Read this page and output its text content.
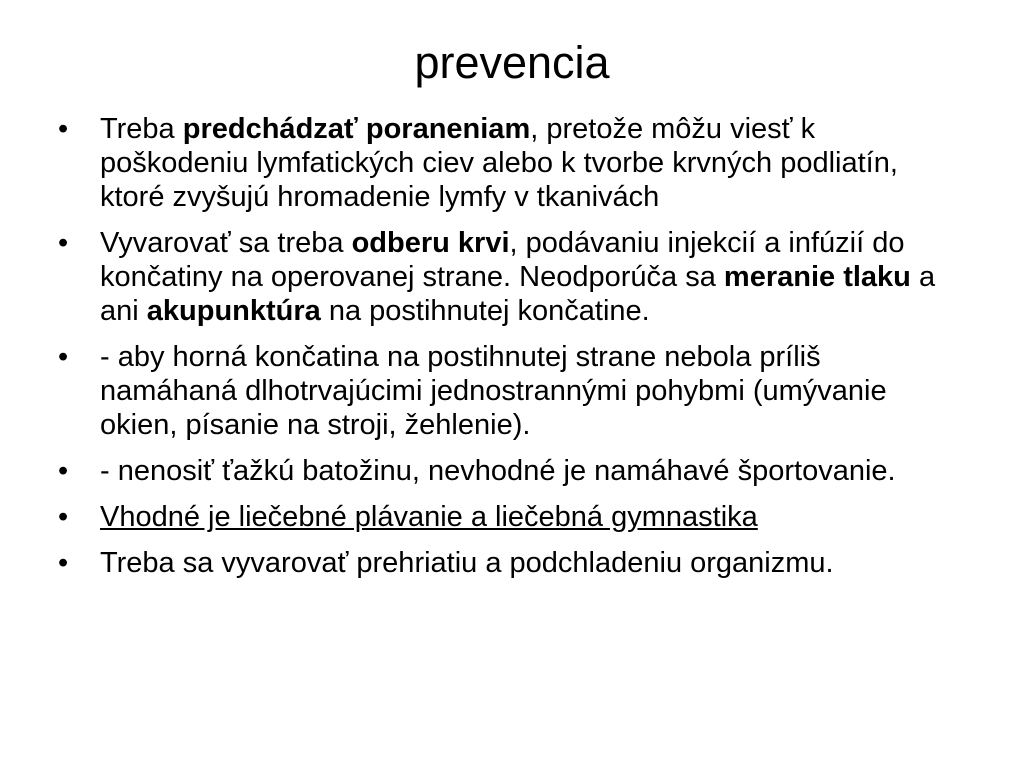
prevencia
•	Treba predchádzať poraneniam, pretože môžu viesť k poškodeniu lymfatických ciev alebo k tvorbe krvných podliatín, ktoré zvyšujú hromadenie lymfy v tkanivách
•	Vyvarovať sa treba odberu krvi, podávaniu injekcií a infúzií do končatiny na operovanej strane. Neodporúča sa meranie tlaku a ani akupunktúra na postihnutej končatine.
•	- aby horná končatina na postihnutej strane nebola príliš namáhaná dlhotrvajúcimi jednostrannými pohybmi (umývanie okien, písanie na stroji, žehlenie).
•	- nenosiť ťažkú batožinu, nevhodné je namáhavé športovanie.
•	Vhodné je liečebné plávanie a liečebná gymnastika
•	Treba sa vyvarovať prehriatiu a podchladeniu organizmu.
